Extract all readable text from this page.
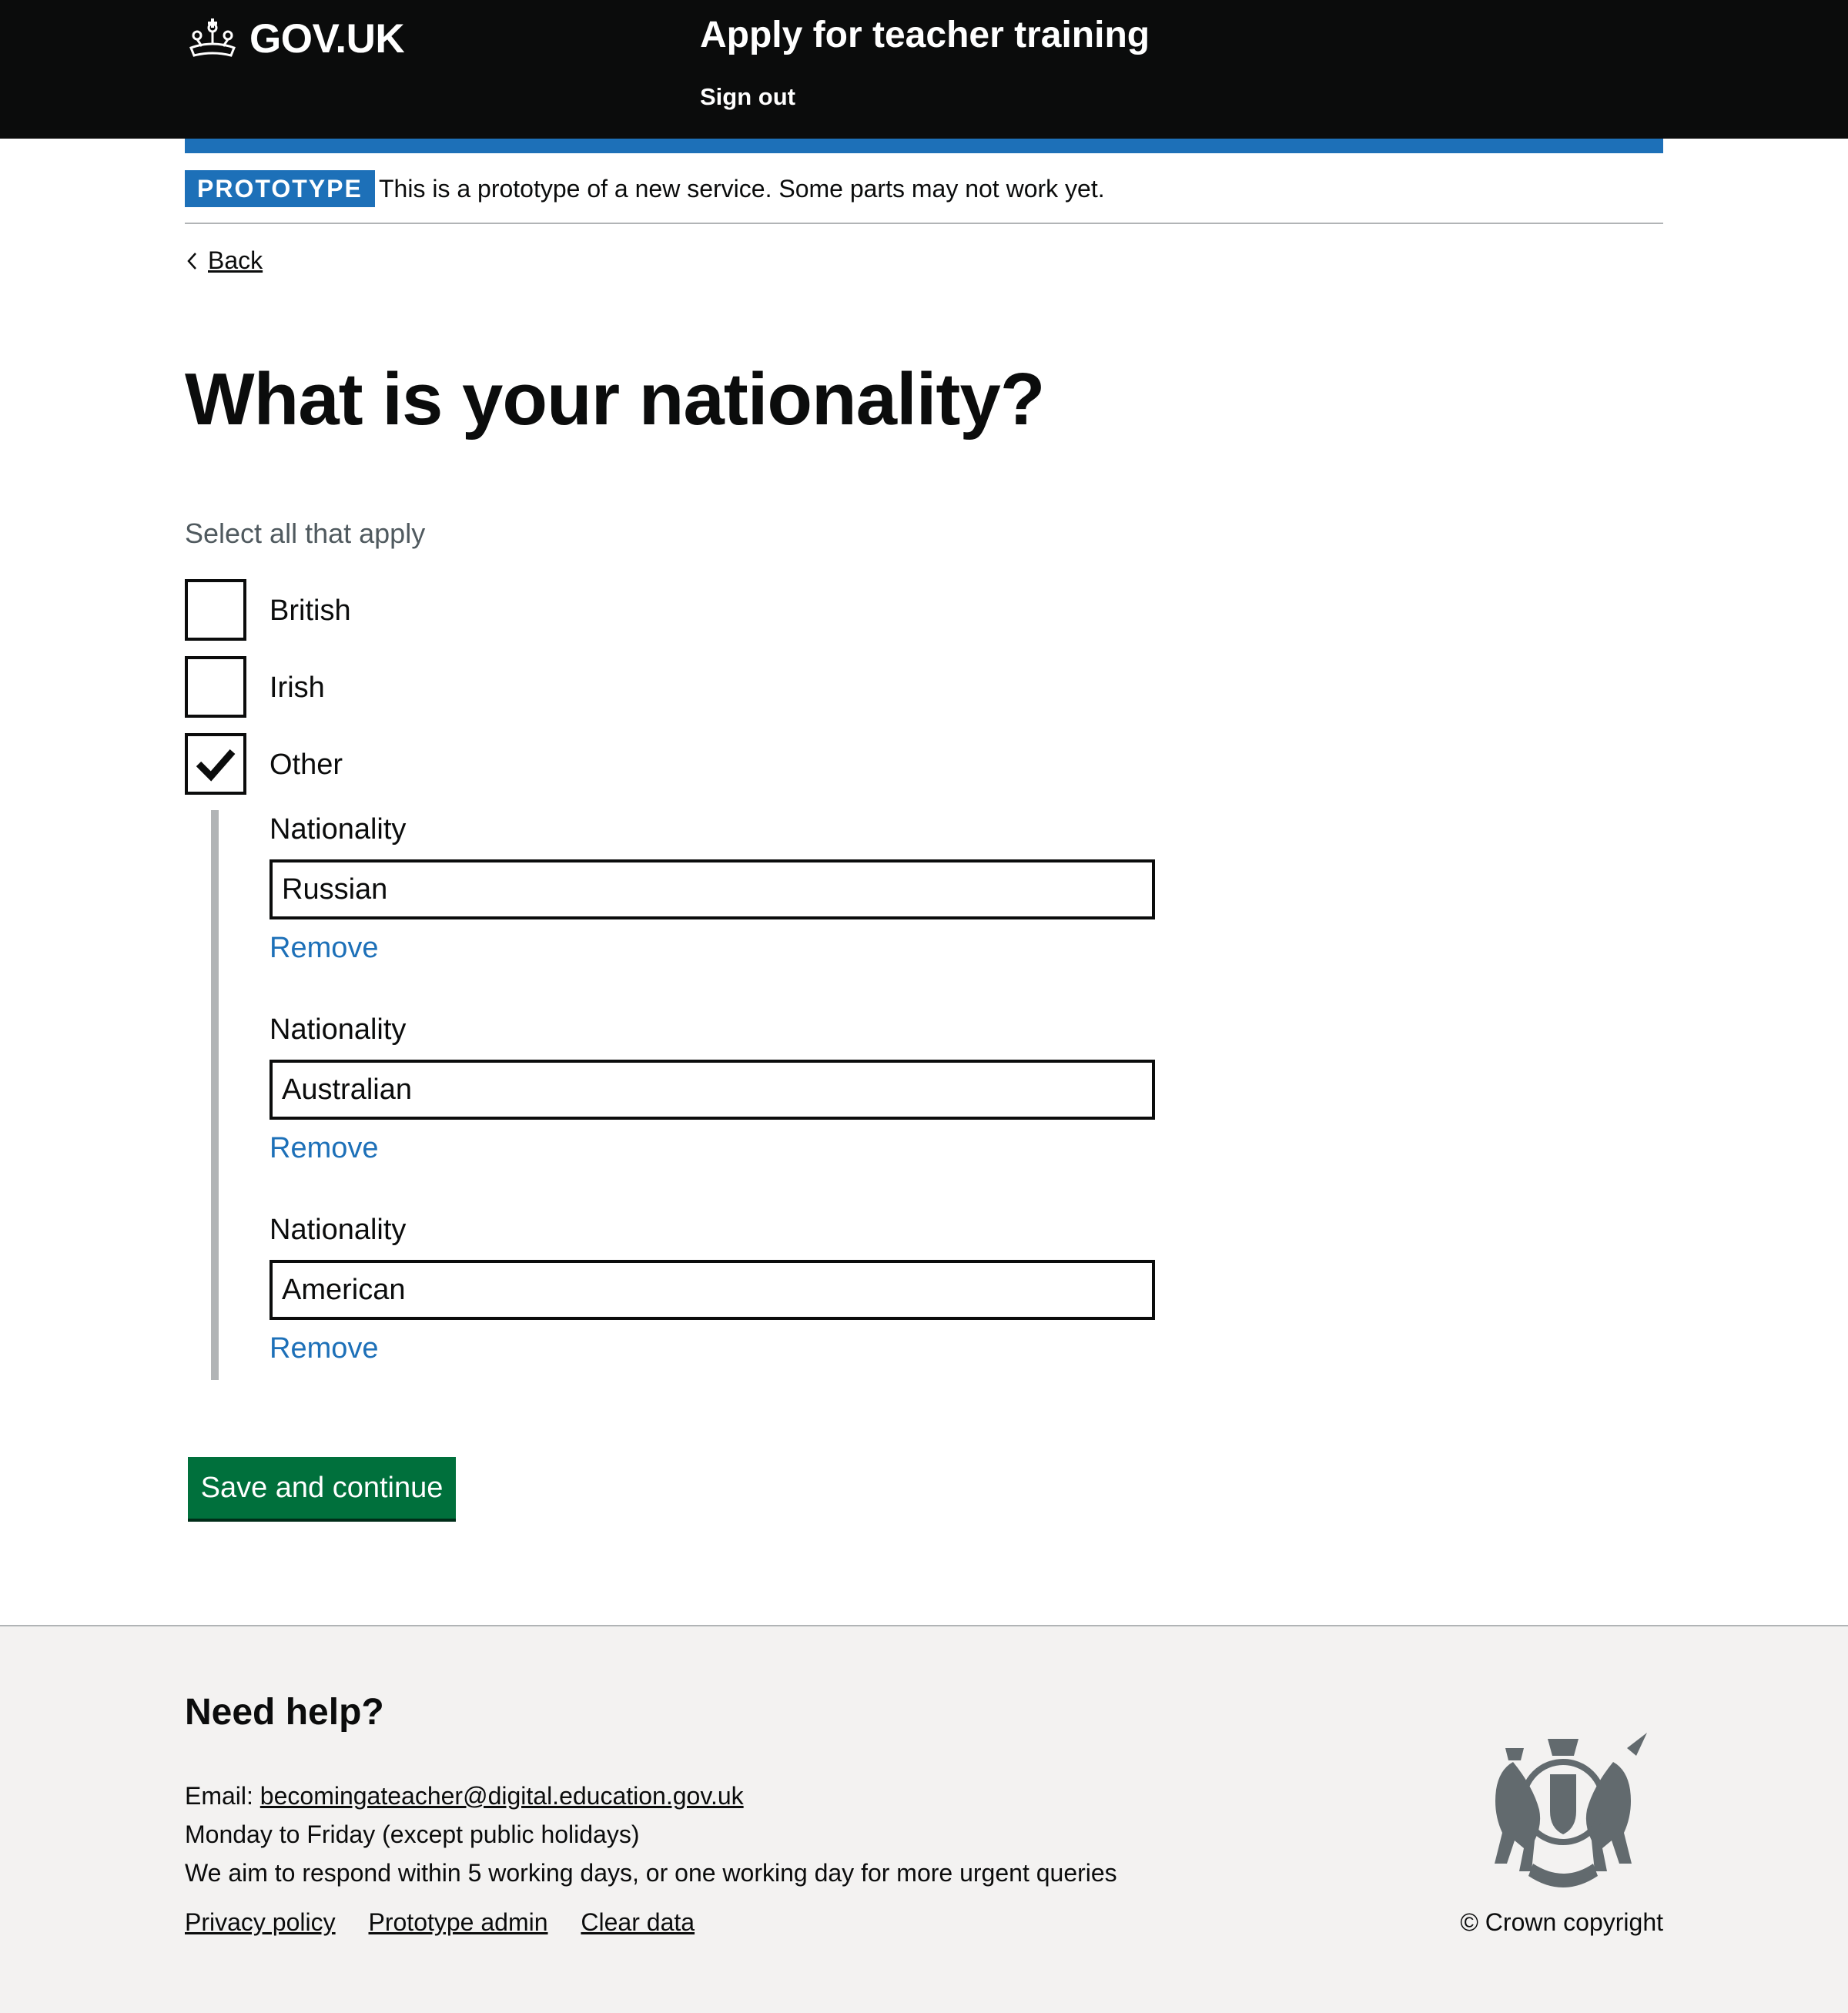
GOV.UK	Apply for teacher training
Sign out
PROTOTYPE This is a prototype of a new service. Some parts may not work yet.
Back
What is your nationality?
Select all that apply
British
Irish
Other
Nationality
Russian
Remove
Nationality
Australian
Remove
Nationality
American
Remove
Save and continue
Need help?
Email: becomingateacher@digital.education.gov.uk
Monday to Friday (except public holidays)
We aim to respond within 5 working days, or one working day for more urgent queries
Privacy policy Prototype admin Clear data	© Crown copyright
